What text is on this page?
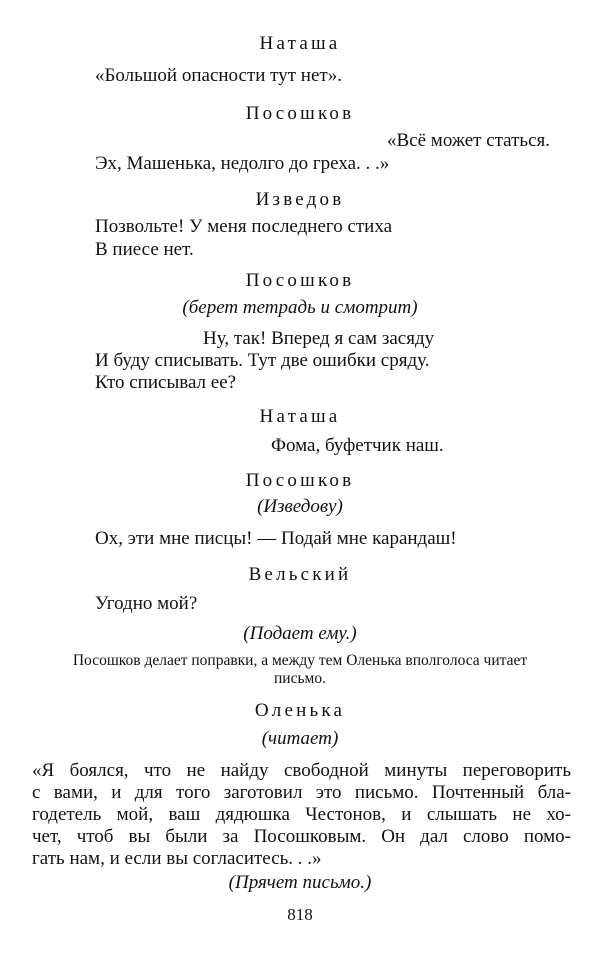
Наташа
«Большой опасности тут нет».
Посошков
«Всё может статься.
Эх, Машенька, недолго до греха. . .»
Изведов
Позвольте! У меня последнего стиха
В пиесе нет.
Посошков
(берет тетрадь и смотрит)
Ну, так! Вперед я сам засяду
И буду списывать. Тут две ошибки сряду.
Кто списывал ее?
Наташа
Фома, буфетчик наш.
Посошков
(Изведову)
Ох, эти мне писцы! — Подай мне карандаш!
Вельский
Угодно мой?
(Подает ему.)
Посошков делает поправки, а между тем Оленька вполголоса читает
письмо.
Оленька
(читает)
«Я боялся, что не найду свободной минуты переговорить
с вами, и для того заготовил это письмо. Почтенный бла-
годетель мой, ваш дядюшка Честонов, и слышать не хо-
чет, чтоб вы были за Посошковым. Он дал слово помо-
гать нам, и если вы согласитесь. . .»
(Прячет письмо.)
818
